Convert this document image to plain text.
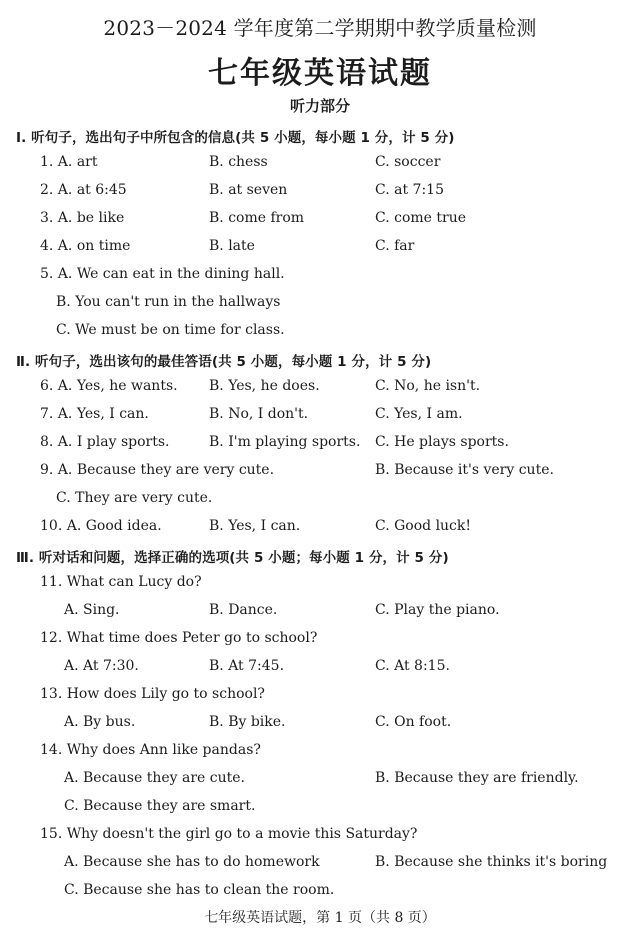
2023－2024 学年度第二学期期中教学质量检测
七年级英语试题
听力部分
Ⅰ. 听句子，选出句子中所包含的信息(共 5 小题，每小题 1 分，计 5 分)
1. A. art	B. chess	C. soccer
2. A. at 6:45	B. at seven	C. at 7:15
3. A. be like	B. come from	C. come true
4. A. on time	B. late	C. far
5. A. We can eat in the dining hall.
B. You can't run in the hallways
C. We must be on time for class.
Ⅱ. 听句子，选出该句的最佳答语(共 5 小题，每小题 1 分，计 5 分)
6. A. Yes, he wants. B. Yes, he does.	C. No, he isn't.
7. A. Yes, I can.	B. No, I don't.	C. Yes, I am.
8. A. I play sports.	B. I'm playing sports. C. He plays sports.
9. A. Because they are very cute.	B. Because it's very cute.
C. They are very cute.
10. A. Good idea.	B. Yes, I can.	C. Good luck!
Ⅲ. 听对话和问题，选择正确的选项(共 5 小题；每小题 1 分，计 5 分)
11. What can Lucy do?
A. Sing.	B. Dance.	C. Play the piano.
12. What time does Peter go to school?
A. At 7:30.	B. At 7:45.	C. At 8:15.
13. How does Lily go to school?
A. By bus.	B. By bike.	C. On foot.
14. Why does Ann like pandas?
A. Because they are cute.	B. Because they are friendly.
C. Because they are smart.
15. Why doesn't the girl go to a movie this Saturday?
A. Because she has to do homework	B. Because she thinks it's boring
C. Because she has to clean the room.
七年级英语试题，第 1 页（共 8 页）
